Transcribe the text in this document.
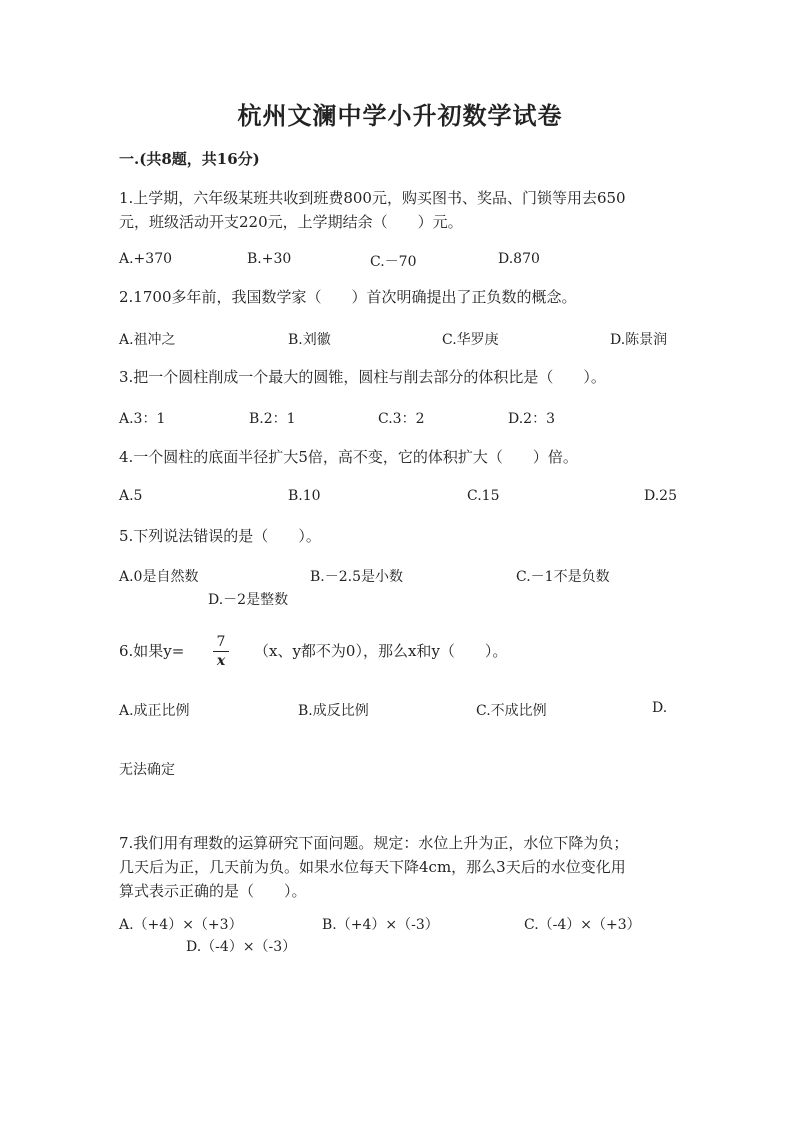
杭州文澜中学小升初数学试卷
一.(共8题，共16分)
1.上学期，六年级某班共收到班费800元，购买图书、奖品、门锁等用去650
元，班级活动开支220元，上学期结余（　　）元。
A.+370	B.+30	C.－70	D.870
2.1700多年前，我国数学家（　　）首次明确提出了正负数的概念。
A.祖冲之	B.刘徽	C.华罗庚	D.陈景润
3.把一个圆柱削成一个最大的圆锥，圆柱与削去部分的体积比是（　　）。
A.3：1	B.2：1	C.3：2	D.2：3
4.一个圆柱的底面半径扩大5倍，高不变，它的体积扩大（　　）倍。
A.5	B.10	C.15	D.25
5.下列说法错误的是（　　）。
A.0是自然数	B.－2.5是小数	C.－1不是负数
D.－2是整数
6.如果y= 7
x
（x、y都不为0），那么x和y（　　）。
A.成正比例	B.成反比例	C.不成比例	D.
无法确定
7.我们用有理数的运算研究下面问题。规定：水位上升为正，水位下降为负；
几天后为正，几天前为负。如果水位每天下降4cm，那么3天后的水位变化用
算式表示正确的是（　　）。
A.（+4）×（+3）	B.（+4）×（-3）	C.（-4）×（+3）
D.（-4）×（-3）
